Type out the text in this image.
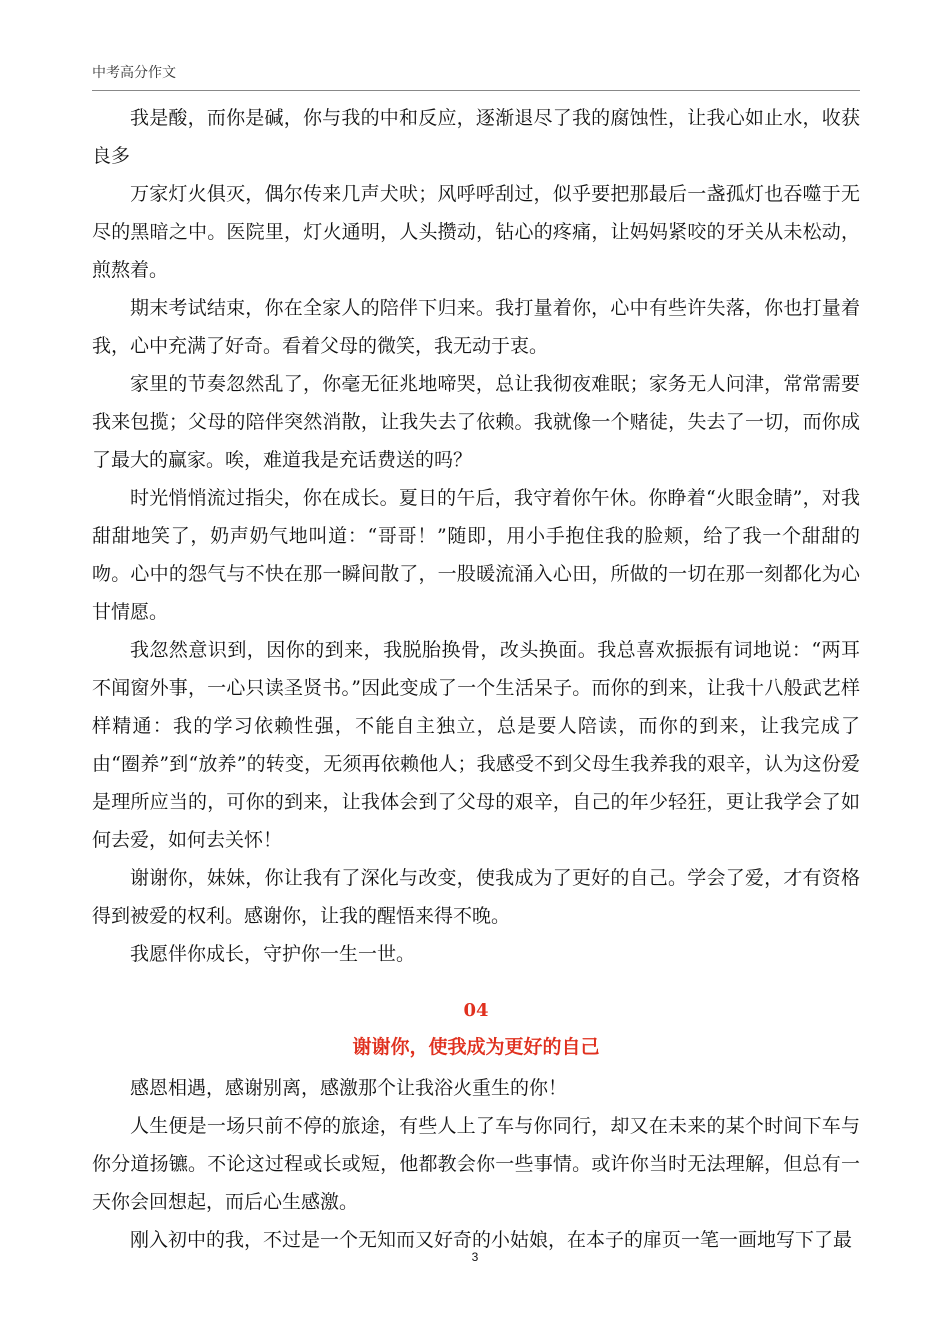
中考高分作文

我是酸，而你是碱，你与我的中和反应，逐渐退尽了我的腐蚀性，让我心如止水，收获良多

万家灯火俱灭，偶尔传来几声犬吠；风呼呼刮过，似乎要把那最后一盏孤灯也吞噬于无尽的黑暗之中。医院里，灯火通明，人头攒动，钻心的疼痛，让妈妈紧咬的牙关从未松动，煎熬着。

期末考试结束，你在全家人的陪伴下归来。我打量着你，心中有些许失落，你也打量着我，心中充满了好奇。看着父母的微笑，我无动于衷。

家里的节奏忽然乱了，你毫无征兆地啼哭，总让我彻夜难眠；家务无人问津，常常需要我来包揽；父母的陪伴突然消散，让我失去了依赖。我就像一个赌徒，失去了一切，而你成了最大的赢家。唉，难道我是充话费送的吗？

时光悄悄流过指尖，你在成长。夏日的午后，我守着你午休。你睁着“火眼金睛”，对我甜甜地笑了，奶声奶气地叫道：“哥哥！”随即，用小手抱住我的脸颊，给了我一个甜甜的吻。心中的怨气与不快在那一瞬间散了，一股暖流涌入心田，所做的一切在那一刻都化为心甘情愿。

我忽然意识到，因你的到来，我脱胎换骨，改头换面。我总喜欢振振有词地说：“两耳不闻窗外事，一心只读圣贤书。”因此变成了一个生活呆子。而你的到来，让我十八般武艺样样精通：我的学习依赖性强，不能自主独立，总是要人陪读，而你的到来，让我完成了由“圈养”到“放养”的转变，无须再依赖他人；我感受不到父母生我养我的艰辛，认为这份爱是理所应当的，可你的到来，让我体会到了父母的艰辛，自己的年少轻狂，更让我学会了如何去爱，如何去关怀！

谢谢你，妹妹，你让我有了深化与改变，使我成为了更好的自己。学会了爱，才有资格得到被爱的权利。感谢你，让我的醒悟来得不晚。

我愿伴你成长，守护你一生一世。

04
谢谢你，使我成为更好的自己

感恩相遇，感谢别离，感激那个让我浴火重生的你！

人生便是一场只前不停的旅途，有些人上了车与你同行，却又在未来的某个时间下车与你分道扬镳。不论这过程或长或短，他都教会你一些事情。或许你当时无法理解，但总有一天你会回想起，而后心生感激。

刚入初中的我，不过是一个无知而又好奇的小姑娘，在本子的扉页一笔一画地写下了最

3
